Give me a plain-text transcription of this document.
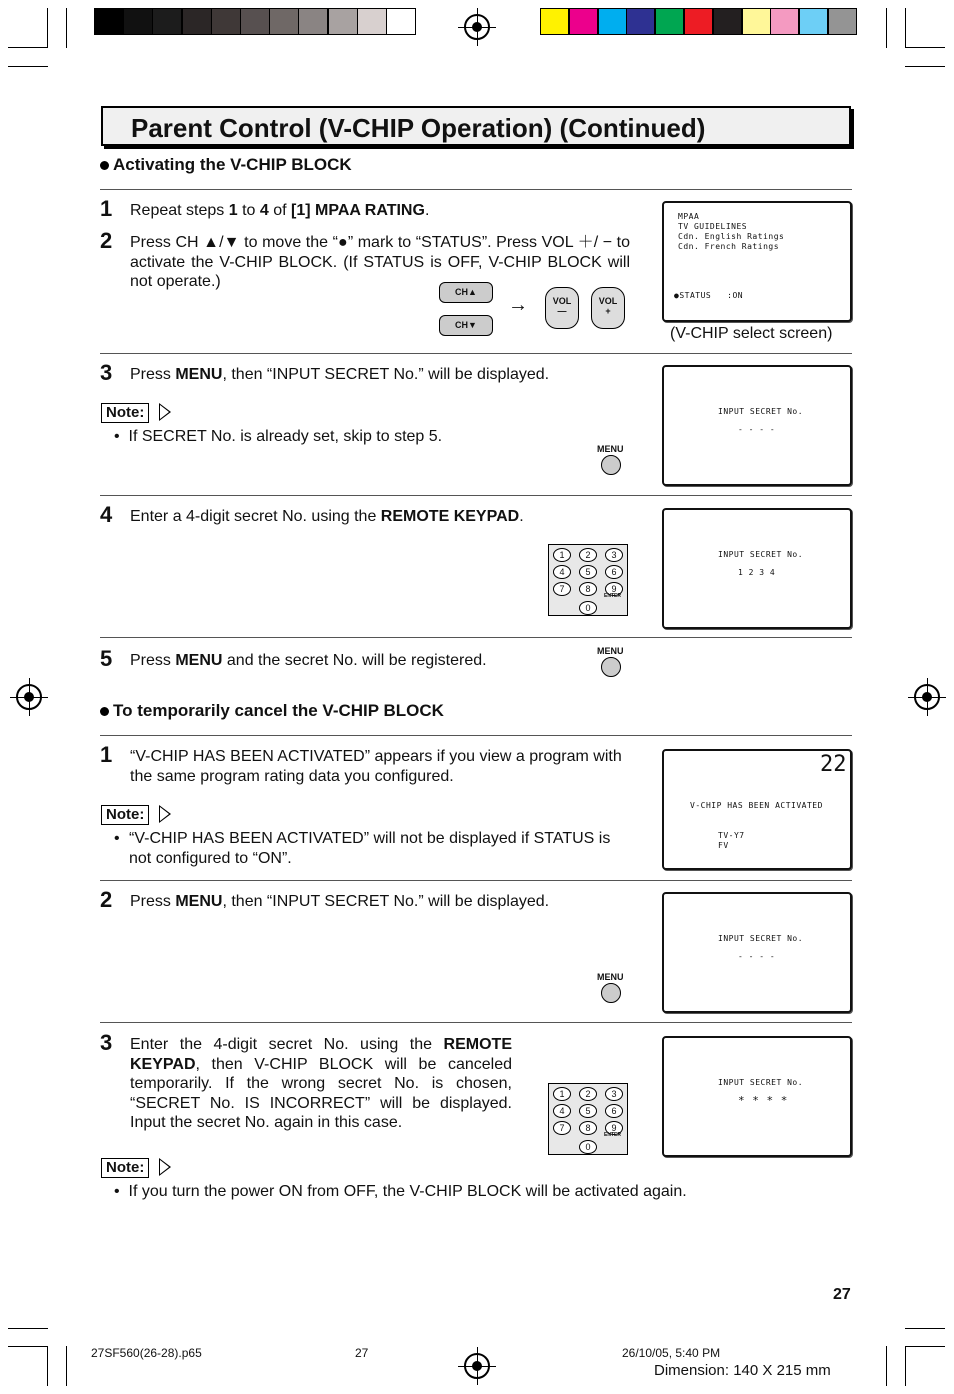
Parent Control (V-CHIP Operation) (Continued)
Activating the V-CHIP BLOCK
1 Repeat steps 1 to 4 of [1] MPAA RATING.
2 Press CH ▲/▼ to move the “●” mark to “STATUS”. Press VOL ＋/ − to activate the V-CHIP BLOCK. (If STATUS is OFF, V-CHIP BLOCK will not operate.)
MPAA
TV GUIDELINES
Cdn. English Ratings
Cdn. French Ratings
●STATUS   :ON
(V-CHIP select screen)
CH▲
CH▼
→	VOL
—
VOL
+
3 Press MENU, then “INPUT SECRET No.” will be displayed.
Note:
•  If SECRET No. is already set, skip to step 5.
MENU
INPUT SECRET No.
- - - -
4 Enter a 4-digit secret No. using the REMOTE KEYPAD.
1	2	3
4	5	6
7	8	9
0
ENTER
INPUT SECRET No.
1 2 3 4
5 Press MENU and the secret No. will be registered.
MENU
To temporarily cancel the V-CHIP BLOCK
1 “V-CHIP HAS BEEN ACTIVATED” appears if you view a program with the same program rating data you configured.
Note:
• “V-CHIP HAS BEEN ACTIVATED” will not be displayed if STATUS is not configured to “ON”.
22
V-CHIP HAS BEEN ACTIVATED
TV-Y7
FV
2 Press MENU, then “INPUT SECRET No.” will be displayed.
MENU
INPUT SECRET No.
- - - -
3 Enter the 4-digit secret No. using the REMOTE KEYPAD, then V-CHIP BLOCK will be canceled temporarily. If the wrong secret No. is chosen, “SECRET No. IS INCORRECT” will be displayed. Input the secret No. again in this case.
1	2	3
4	5	6
7	8	9
0
ENTER
INPUT SECRET No.
* * * *
Note:
•  If you turn the power ON from OFF, the V-CHIP BLOCK will be activated again.
27
27SF560(26-28).p65	27	26/10/05, 5:40 PM
Dimension: 140 X 215 mm
